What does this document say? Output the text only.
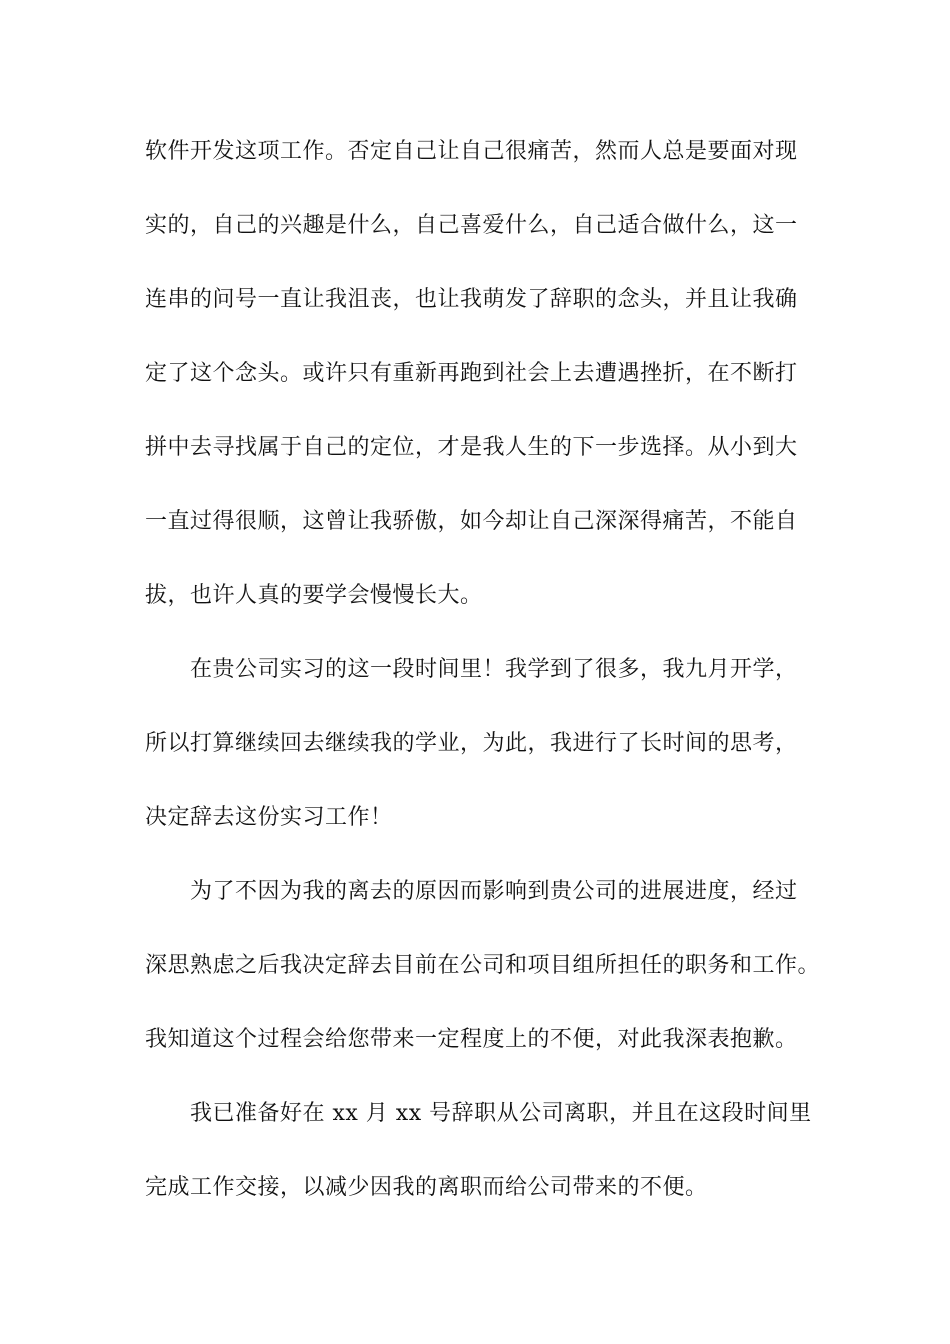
软件开发这项工作。否定自己让自己很痛苦，然而人总是要面对现
实的，自己的兴趣是什么，自己喜爱什么，自己适合做什么，这一
连串的问号一直让我沮丧，也让我萌发了辞职的念头，并且让我确
定了这个念头。或许只有重新再跑到社会上去遭遇挫折，在不断打
拼中去寻找属于自己的定位，才是我人生的下一步选择。从小到大
一直过得很顺，这曾让我骄傲，如今却让自己深深得痛苦，不能自
拔，也许人真的要学会慢慢长大。
在贵公司实习的这一段时间里！我学到了很多，我九月开学，
所以打算继续回去继续我的学业，为此，我进行了长时间的思考，
决定辞去这份实习工作！
为了不因为我的离去的原因而影响到贵公司的进展进度，经过
深思熟虑之后我决定辞去目前在公司和项目组所担任的职务和工作。
我知道这个过程会给您带来一定程度上的不便，对此我深表抱歉。
我已准备好在 xx 月 xx 号辞职从公司离职，并且在这段时间里
完成工作交接，以减少因我的离职而给公司带来的不便。
